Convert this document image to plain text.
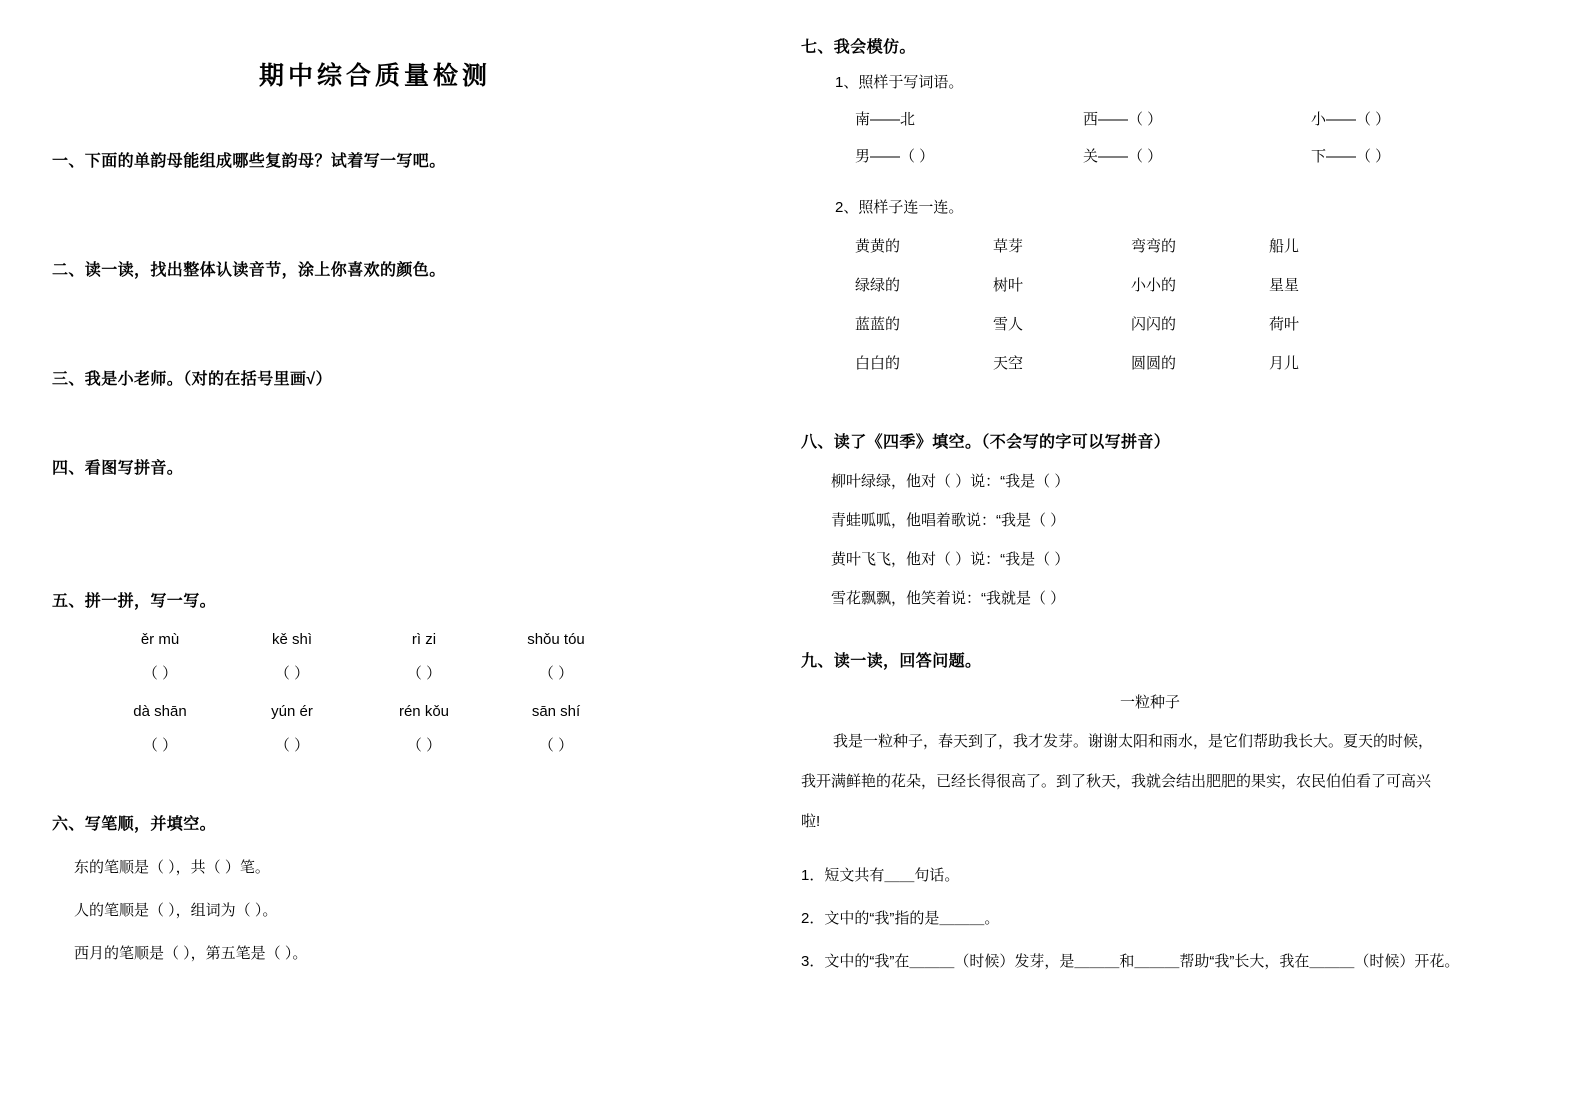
期中综合质量检测
一、下面的单韵母能组成哪些复韵母？试着写一写吧。
二、读一读，找出整体认读音节，涂上你喜欢的颜色。
三、我是小老师。（对的在括号里画√）
四、看图写拼音。
五、拼一拼，写一写。
ěr mù	kě shì	rì zi	shǒu tóu
（ ）	（ ）	（ ）	（ ）
dà shān	yún ér	rén kǒu	sān shí
（ ）	（ ）	（ ）	（ ）
六、写笔顺，并填空。
东的笔顺是（ ），共（ ）笔。
人的笔顺是（ ），组词为（ ）。
西月的笔顺是（ ），第五笔是（ ）。
七、我会模仿。
1、照样于写词语。
南——北	西——（ ）	小——（ ）
男——（ ）	关——（ ）	下——（ ）
2、照样子连一连。
黄黄的	草芽	弯弯的	船儿
绿绿的	树叶	小小的	星星
蓝蓝的	雪人	闪闪的	荷叶
白白的	天空	圆圆的	月儿
八、读了《四季》填空。（不会写的字可以写拼音）
柳叶绿绿，他对（ ）说：“我是（ ）
青蛙呱呱，他唱着歌说：“我是（ ）
黄叶飞飞，他对（ ）说：“我是（ ）
雪花飘飘，他笑着说：“我就是（ ）
九、读一读，回答问题。
一粒种子
我是一粒种子，春天到了，我才发芽。谢谢太阳和雨水，是它们帮助我长大。夏天的时候，
我开满鲜艳的花朵，已经长得很高了。到了秋天，我就会结出肥肥的果实，农民伯伯看了可高兴
啦!
1．短文共有＿＿句话。
2．文中的“我”指的是＿＿＿。
3．文中的“我”在＿＿＿（时候）发芽，是＿＿＿和＿＿＿帮助“我”长大，我在＿＿＿（时候）开花。
